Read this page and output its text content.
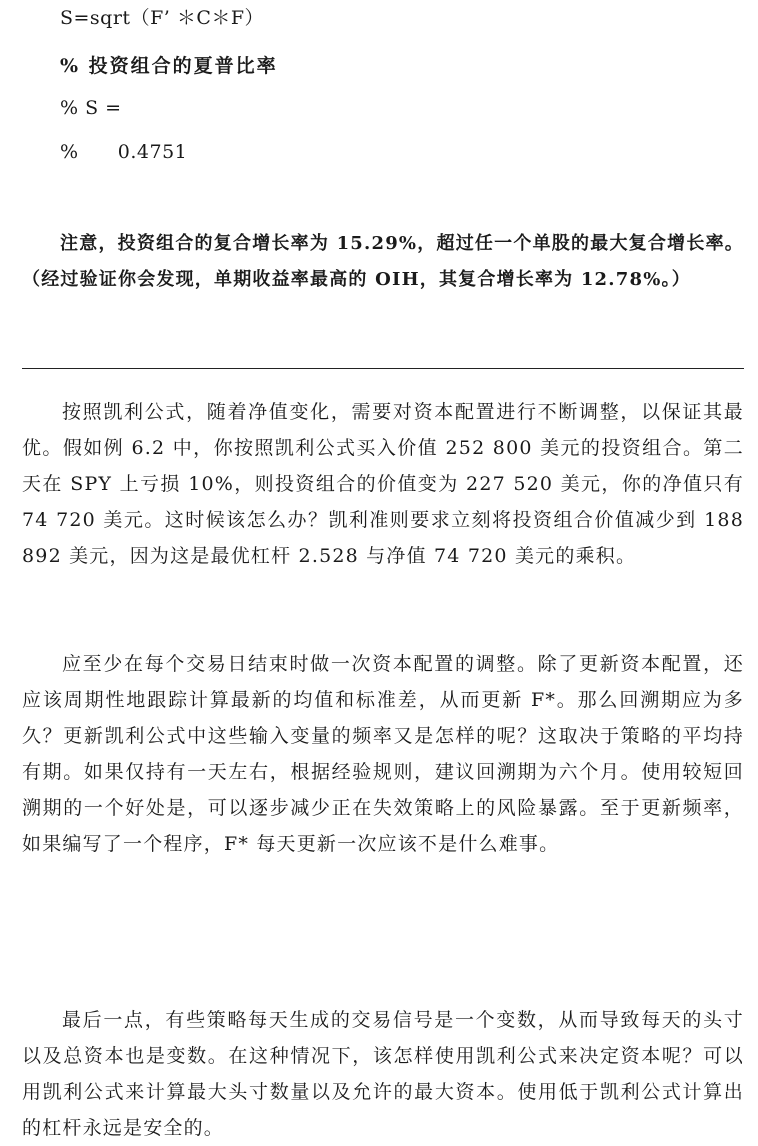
S=sqrt（F’ ＊C＊F）
% 投资组合的夏普比率
% S =
%      0.4751
注意，投资组合的复合增长率为 15.29%，超过任一个单股的最大复合增长率。（经过验证你会发现，单期收益率最高的 OIH，其复合增长率为 12.78%。）
按照凯利公式，随着净值变化，需要对资本配置进行不断调整，以保证其最优。假如例 6.2 中，你按照凯利公式买入价值 252 800 美元的投资组合。第二天在 SPY 上亏损 10%，则投资组合的价值变为 227 520 美元，你的净值只有 74 720 美元。这时候该怎么办？凯利准则要求立刻将投资组合价值减少到 188 892 美元，因为这是最优杠杆 2.528 与净值 74 720 美元的乘积。
应至少在每个交易日结束时做一次资本配置的调整。除了更新资本配置，还应该周期性地跟踪计算最新的均值和标准差，从而更新 F*。那么回溯期应为多久？更新凯利公式中这些输入变量的频率又是怎样的呢？这取决于策略的平均持有期。如果仅持有一天左右，根据经验规则，建议回溯期为六个月。使用较短回溯期的一个好处是，可以逐步减少正在失效策略上的风险暴露。至于更新频率，如果编写了一个程序，F* 每天更新一次应该不是什么难事。
最后一点，有些策略每天生成的交易信号是一个变数，从而导致每天的头寸以及总资本也是变数。在这种情况下，该怎样使用凯利公式来决定资本呢？可以用凯利公式来计算最大头寸数量以及允许的最大资本。使用低于凯利公式计算出的杠杆永远是安全的。
